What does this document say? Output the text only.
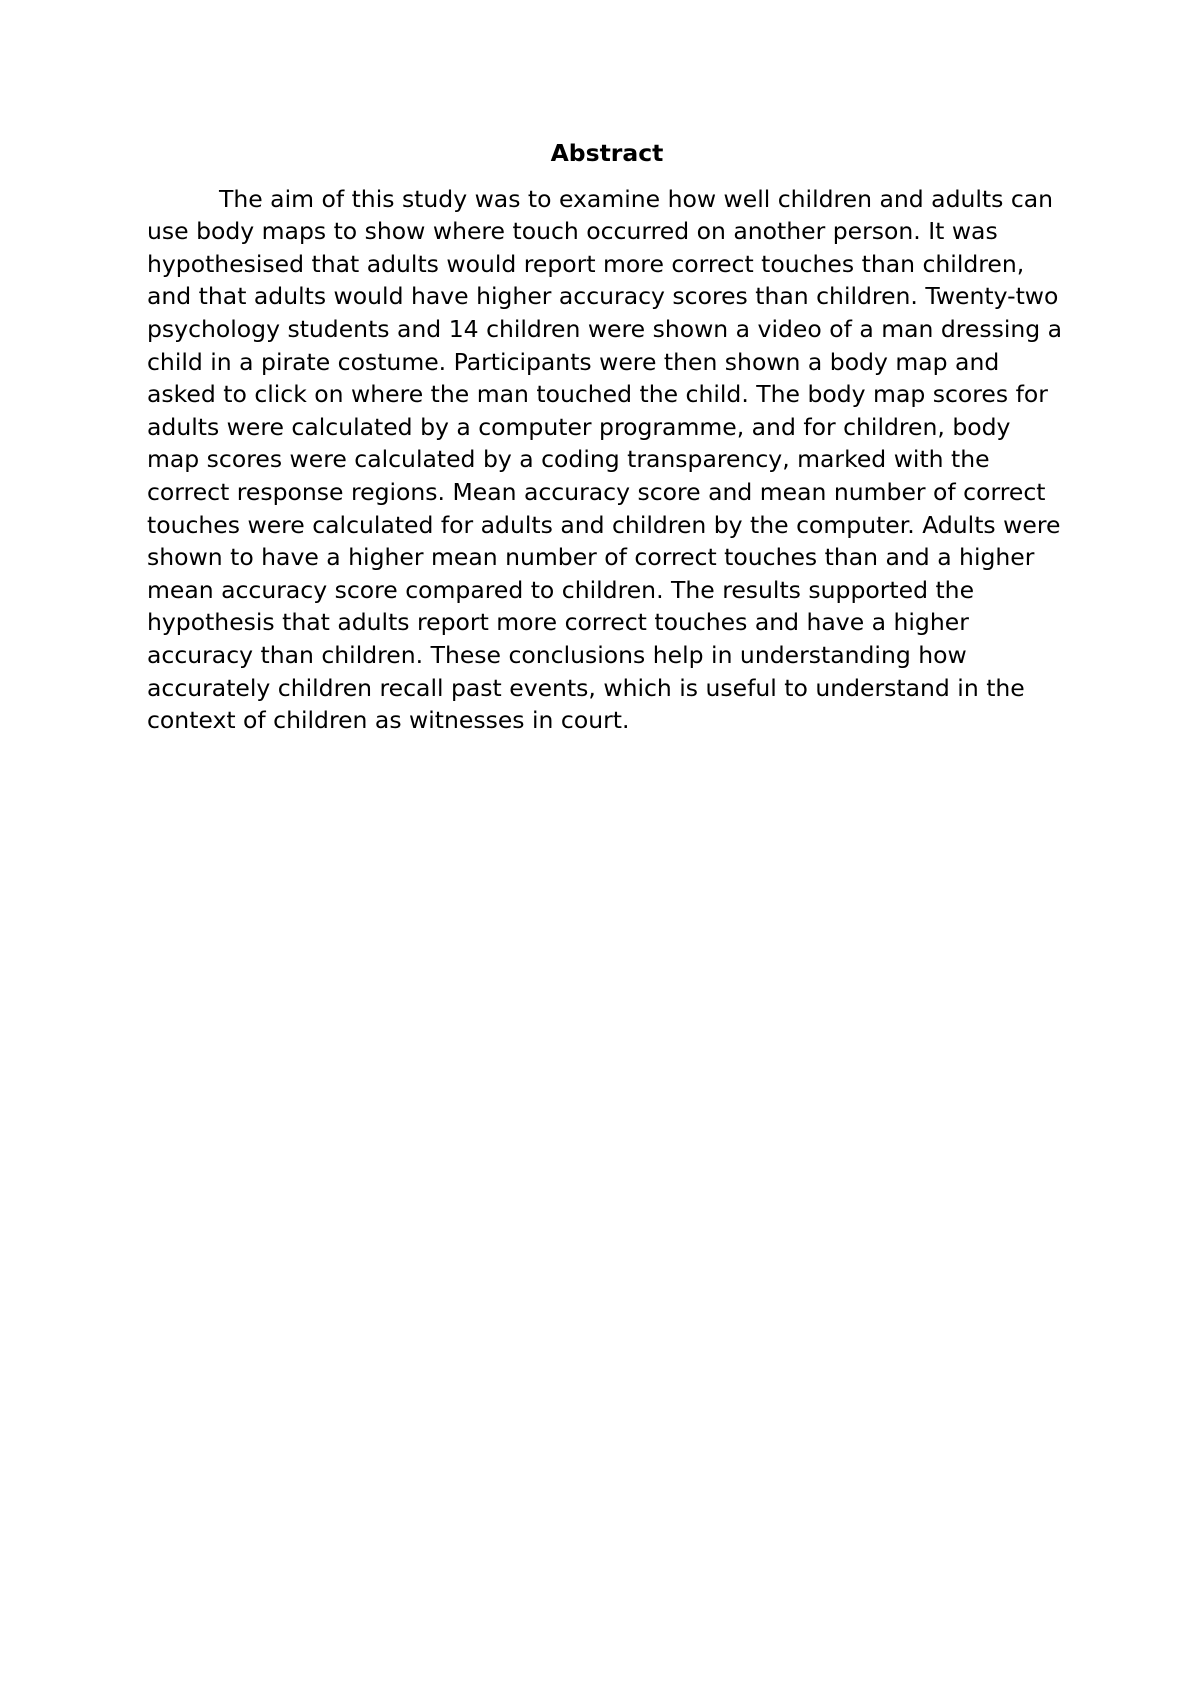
Abstract

The aim of this study was to examine how well children and adults can use body maps to show where touch occurred on another person. It was hypothesised that adults would report more correct touches than children, and that adults would have higher accuracy scores than children. Twenty-two psychology students and 14 children were shown a video of a man dressing a child in a pirate costume. Participants were then shown a body map and asked to click on where the man touched the child. The body map scores for adults were calculated by a computer programme, and for children, body map scores were calculated by a coding transparency, marked with the correct response regions. Mean accuracy score and mean number of correct touches were calculated for adults and children by the computer. Adults were shown to have a higher mean number of correct touches than and a higher mean accuracy score compared to children. The results supported the hypothesis that adults report more correct touches and have a higher accuracy than children. These conclusions help in understanding how accurately children recall past events, which is useful to understand in the context of children as witnesses in court.
